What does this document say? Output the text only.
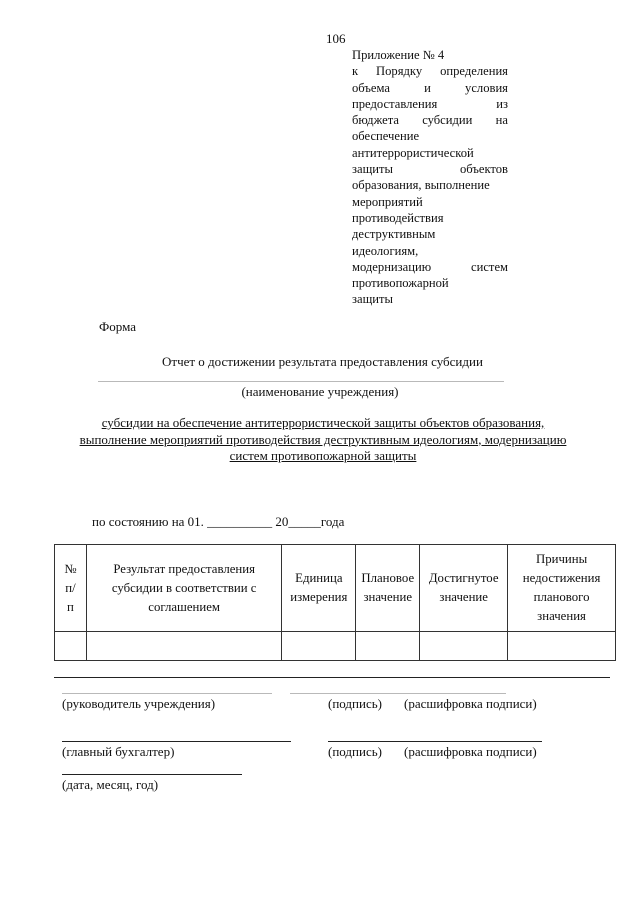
106
Приложение № 4
к Порядку определения
объема	и	условия
предоставления	из
бюджета субсидии на
обеспечение
антитеррористической
защиты	объектов
образования, выполнение
мероприятий
противодействия
деструктивным
идеологиям,
модернизацию	систем
противопожарной
защиты
Форма
Отчет о достижении результата предоставления субсидии
(наименование учреждения)
субсидии на обеспечение антитеррористической защиты объектов образования,
выполнение мероприятий противодействия деструктивным идеологиям, модернизацию
систем противопожарной защиты
по состоянию на 01. __________ 20_____года
№ п/п	Результат предоставления субсидии в соответствии с соглашением	Единица измерения	Плановое значение	Достигнутое значение	Причины недостижения планового значения

(руководитель учреждения)	(подпись) (расшифровка подписи)
(главный бухгалтер)	(подпись) (расшифровка подписи)
(дата, месяц, год)
